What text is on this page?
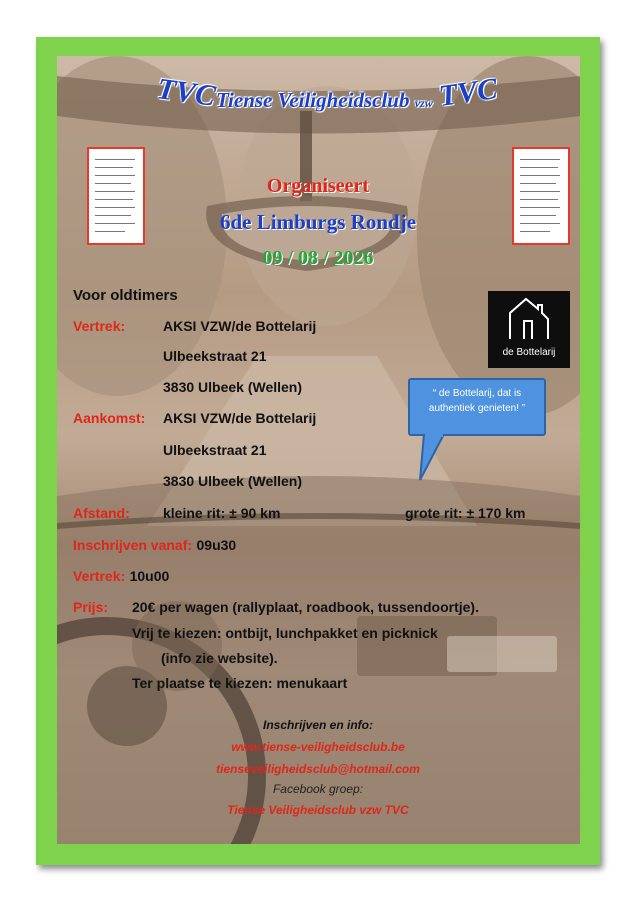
TVC
Tiense Veiligheidsclub vzw TVC
Organiseert
6de Limburgs Rondje
09 / 08 / 2026
Voor oldtimers
Vertrek:	AKSI VZW/de Bottelarij
Ulbeekstraat 21
3830 Ulbeek (Wellen)
Aankomst: AKSI VZW/de Bottelarij
Ulbeekstraat 21
3830 Ulbeek (Wellen)
Afstand: kleine rit: ± 90 km	grote rit: ± 170 km
Inschrijven vanaf: 09u30
Vertrek: 10u00
Prijs: 20€ per wagen (rallyplaat, roadbook, tussendoortje).
Vrij te kiezen: ontbijt, lunchpakket en picknick
(info zie website).
Ter plaatse te kiezen: menukaart
“ de Bottelarij, dat is
authentiek genieten! ”
de Bottelarij
Inschrijven en info:
www.tiense-veiligheidsclub.be
tienseveiligheidsclub@hotmail.com
Facebook groep:
Tiense Veiligheidsclub vzw TVC
